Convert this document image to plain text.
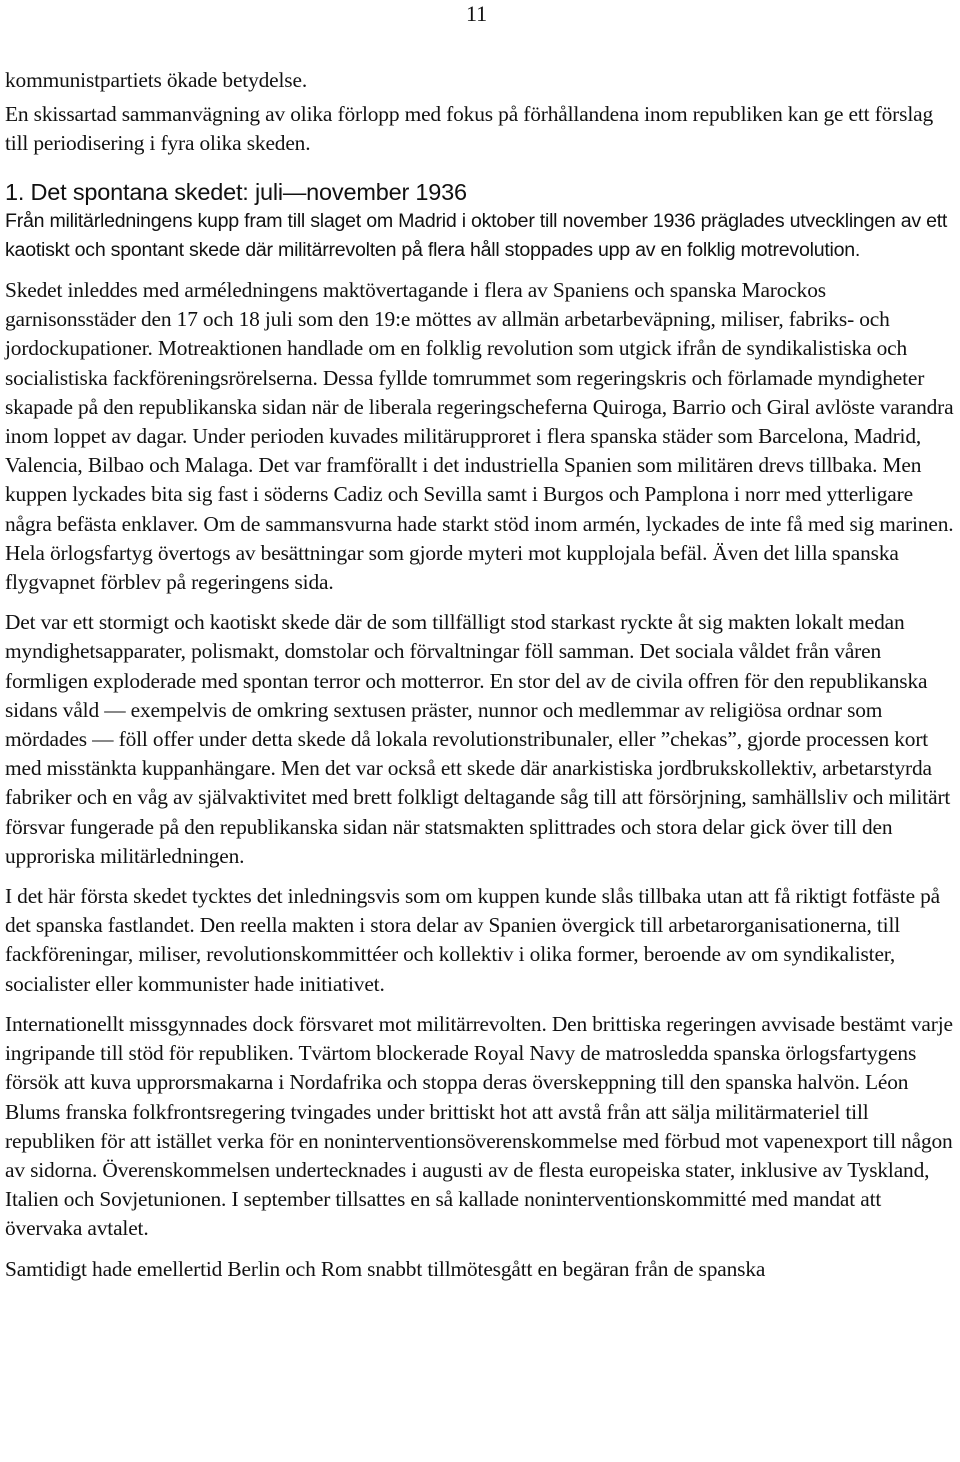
11

kommunistpartiets ökade betydelse.

En skissartad sammanvägning av olika förlopp med fokus på förhållandena inom republiken kan ge ett förslag till periodisering i fyra olika skeden.

1. Det spontana skedet: juli—november 1936

Från militärledningens kupp fram till slaget om Madrid i oktober till november 1936 präglades utvecklingen av ett kaotiskt och spontant skede där militärrevolten på flera håll stoppades upp av en folklig motrevolution.

Skedet inleddes med arméledningens maktövertagande i flera av Spaniens och spanska Marockos garnisonsstäder den 17 och 18 juli som den 19:e möttes av allmän arbetarbeväpning, miliser, fabriks- och jordockupationer. Motreaktionen handlade om en folklig revolution som utgick ifrån de syndikalistiska och socialistiska fackföreningsrörelserna. Dessa fyllde tomrummet som regeringskris och förlamade myndigheter skapade på den republikanska sidan när de liberala regeringscheferna Quiroga, Barrio och Giral avlöste varandra inom loppet av dagar. Under perioden kuvades militärupproret i flera spanska städer som Barcelona, Madrid, Valencia, Bilbao och Malaga. Det var framförallt i det industriella Spanien som militären drevs tillbaka. Men kuppen lyckades bita sig fast i söderns Cadiz och Sevilla samt i Burgos och Pamplona i norr med ytterligare några befästa enklaver. Om de sammansvurna hade starkt stöd inom armén, lyckades de inte få med sig marinen. Hela örlogsfartyg övertogs av besättningar som gjorde myteri mot kupplojala befäl. Även det lilla spanska flygvapnet förblev på regeringens sida.

Det var ett stormigt och kaotiskt skede där de som tillfälligt stod starkast ryckte åt sig makten lokalt medan myndighetsapparater, polismakt, domstolar och förvaltningar föll samman. Det sociala våldet från våren formligen exploderade med spontan terror och motterror. En stor del av de civila offren för den republikanska sidans våld — exempelvis de omkring sextusen präster, nunnor och medlemmar av religiösa ordnar som mördades — föll offer under detta skede då lokala revolutionstribunaler, eller ”chekas”, gjorde processen kort med misstänkta kuppanhängare. Men det var också ett skede där anarkistiska jordbrukskollektiv, arbetarstyrda fabriker och en våg av självaktivitet med brett folkligt deltagande såg till att försörjning, samhällsliv och militärt försvar fungerade på den republikanska sidan när statsmakten splittrades och stora delar gick över till den upproriska militärledningen.

I det här första skedet tycktes det inledningsvis som om kuppen kunde slås tillbaka utan att få riktigt fotfäste på det spanska fastlandet. Den reella makten i stora delar av Spanien övergick till arbetarorganisationerna, till fackföreningar, miliser, revolutionskommittéer och kollektiv i olika former, beroende av om syndikalister, socialister eller kommunister hade initiativet.

Internationellt missgynnades dock försvaret mot militärrevolten. Den brittiska regeringen avvisade bestämt varje ingripande till stöd för republiken. Tvärtom blockerade Royal Navy de matrosledda spanska örlogsfartygens försök att kuva upprorsmakarna i Nordafrika och stoppa deras överskeppning till den spanska halvön. Léon Blums franska folkfrontsregering tvingades under brittiskt hot att avstå från att sälja militärmateriel till republiken för att istället verka för en noninterventionsöverenskommelse med förbud mot vapenexport till någon av sidorna. Överenskommelsen undertecknades i augusti av de flesta europeiska stater, inklusive av Tyskland, Italien och Sovjetunionen. I september tillsattes en så kallade noninterventionskommitté med mandat att övervaka avtalet.

Samtidigt hade emellertid Berlin och Rom snabbt tillmötesgått en begäran från de spanska
